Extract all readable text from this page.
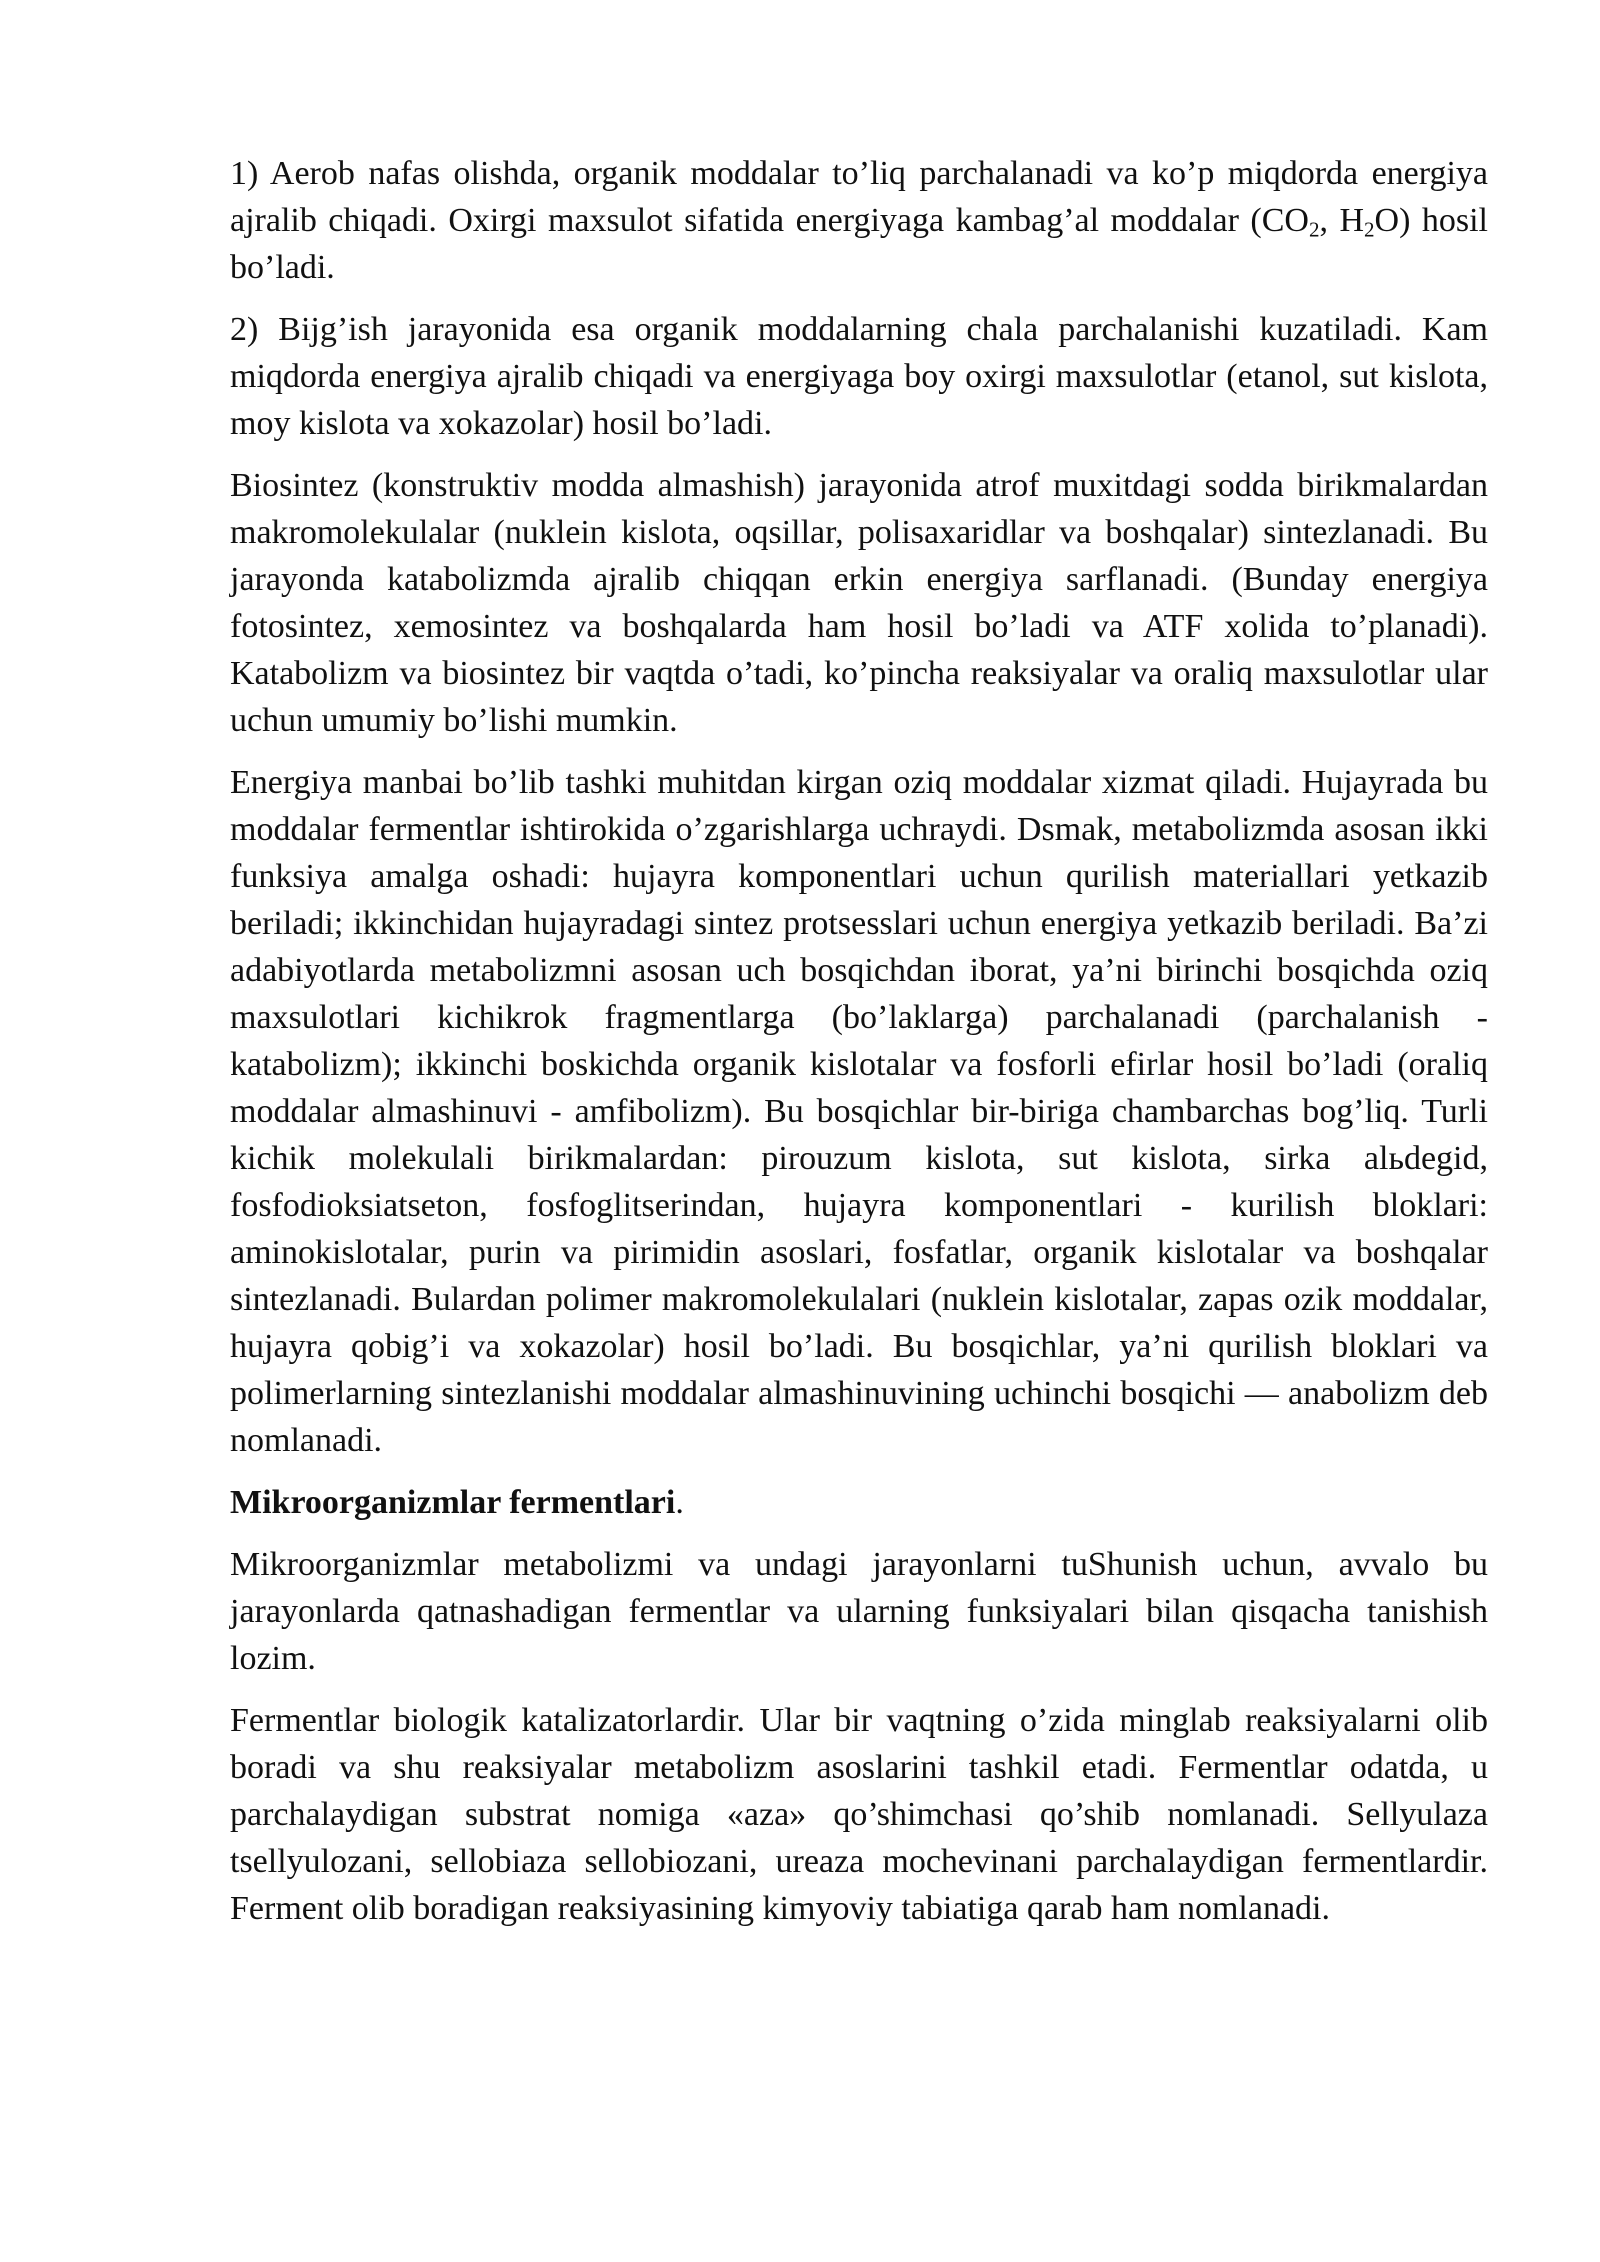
1) Aerob nafas olishda, organik moddalar to’liq parchalanadi va ko’p miqdorda energiya ajralib chiqadi. Oxirgi maxsulot sifatida energiyaga kambag’al moddalar ($CO_2$, $H_2O$) hosil bo’ladi.

2) Bijg’ish jarayonida esa organik moddalarning chala parchalanishi kuzatiladi. Kam miqdorda energiya ajralib chiqadi va energiyaga boy oxirgi maxsulotlar (etanol, sut kislota, moy kislota va xokazolar) hosil bo’ladi.

Biosintez (konstruktiv modda almashish) jarayonida atrof muxitdagi sodda birikmalardan makromolekulalar (nuklein kislota, oqsillar, polisaxaridlar va boshqalar) sintezlanadi. Bu jarayonda katabolizmda ajralib chiqqan erkin energiya sarflanadi. (Bunday energiya fotosintez, xemosintez va boshqalarda ham hosil bo’ladi va ATF xolida to’planadi). Katabolizm va biosintez bir vaqtda o’tadi, ko’pincha reaksiyalar va oraliq maxsulotlar ular uchun umumiy bo’lishi mumkin.

Energiya manbai bo’lib tashki muhitdan kirgan oziq moddalar xizmat qiladi. Hujayrada bu moddalar fermentlar ishtirokida o’zgarishlarga uchraydi. Dsmak, metabolizmda asosan ikki funksiya amalga oshadi: hujayra komponentlari uchun qurilish materiallari yetkazib beriladi; ikkinchidan hujayradagi sintez protsesslari uchun energiya yetkazib beriladi. Ba’zi adabiyotlarda metabolizmni asosan uch bosqichdan iborat, ya’ni birinchi bosqichda oziq maxsulotlari kichikrok fragmentlarga (bo’laklarga) parchalanadi (parchalanish - katabolizm); ikkinchi boskichda organik kislotalar va fosforli efirlar hosil bo’ladi (oraliq moddalar almashinuvi - amfibolizm). Bu bosqichlar bir-biriga chambarchas bog’liq. Turli kichik molekulali birikmalardan: pirouzum kislota, sut kislota, sirka alьdegid, fosfodioksiatseton, fosfoglitserindan, hujayra komponentlari - kurilish bloklari: aminokislotalar, purin va pirimidin asoslari, fosfatlar, organik kislotalar va boshqalar sintezlanadi. Bulardan polimer makromolekulalari (nuklein kislotalar, zapas ozik moddalar, hujayra qobig’i va xokazolar) hosil bo’ladi. Bu bosqichlar, ya’ni qurilish bloklari va polimerlarning sintezlanishi moddalar almashinuvining uchinchi bosqichi — anabolizm deb nomlanadi.

Mikroorganizmlar fermentlari.

Mikroorganizmlar metabolizmi va undagi jarayonlarni tuShunish uchun, avvalo bu jarayonlarda qatnashadigan fermentlar va ularning funksiyalari bilan qisqacha tanishish lozim.

Fermentlar biologik katalizatorlardir. Ular bir vaqtning o’zida minglab reaksiyalarni olib boradi va shu reaksiyalar metabolizm asoslarini tashkil etadi. Fermentlar odatda, u parchalaydigan substrat nomiga «aza» qo’shimchasi qo’shib nomlanadi. Sellyulaza tsellyulozani, sellobiaza sellobiozani, ureaza mochevinani parchalaydigan fermentlardir. Ferment olib boradigan reaksiyasining kimyoviy tabiatiga qarab ham nomlanadi.
